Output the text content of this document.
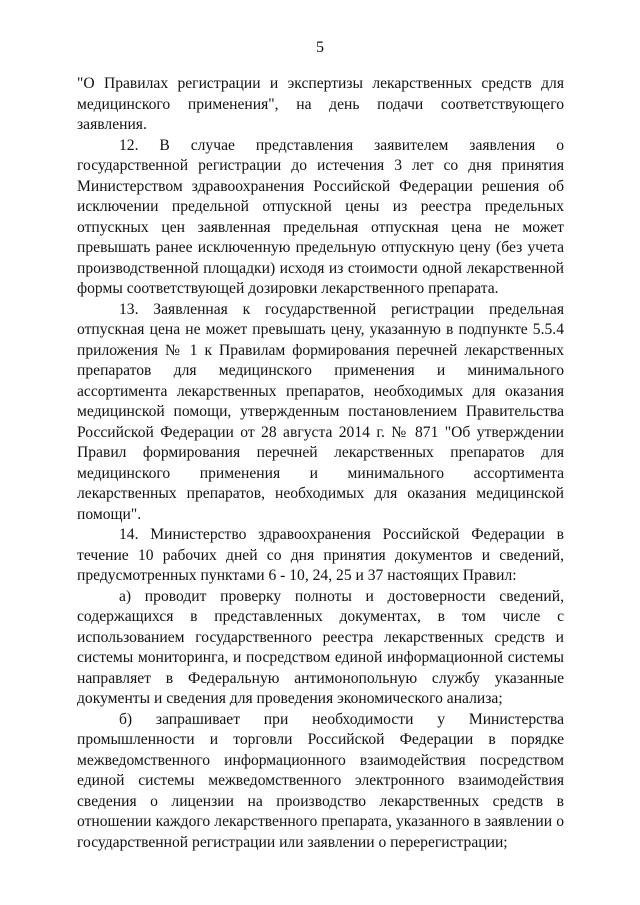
5

"О Правилах регистрации и экспертизы лекарственных средств для медицинского применения", на день подачи соответствующего заявления.

12. В случае представления заявителем заявления о государственной регистрации до истечения 3 лет со дня принятия Министерством здравоохранения Российской Федерации решения об исключении предельной отпускной цены из реестра предельных отпускных цен заявленная предельная отпускная цена не может превышать ранее исключенную предельную отпускную цену (без учета производственной площадки) исходя из стоимости одной лекарственной формы соответствующей дозировки лекарственного препарата.

13. Заявленная к государственной регистрации предельная отпускная цена не может превышать цену, указанную в подпункте 5.5.4 приложения № 1 к Правилам формирования перечней лекарственных препаратов для медицинского применения и минимального ассортимента лекарственных препаратов, необходимых для оказания медицинской помощи, утвержденным постановлением Правительства Российской Федерации от 28 августа 2014 г. № 871 "Об утверждении Правил формирования перечней лекарственных препаратов для медицинского применения и минимального ассортимента лекарственных препаратов, необходимых для оказания медицинской помощи".

14. Министерство здравоохранения Российской Федерации в течение 10 рабочих дней со дня принятия документов и сведений, предусмотренных пунктами 6 - 10, 24, 25 и 37 настоящих Правил:

а) проводит проверку полноты и достоверности сведений, содержащихся в представленных документах, в том числе с использованием государственного реестра лекарственных средств и системы мониторинга, и посредством единой информационной системы направляет в Федеральную антимонопольную службу указанные документы и сведения для проведения экономического анализа;

б) запрашивает при необходимости у Министерства промышленности и торговли Российской Федерации в порядке межведомственного информационного взаимодействия посредством единой системы межведомственного электронного взаимодействия сведения о лицензии на производство лекарственных средств в отношении каждого лекарственного препарата, указанного в заявлении о государственной регистрации или заявлении о перерегистрации;
